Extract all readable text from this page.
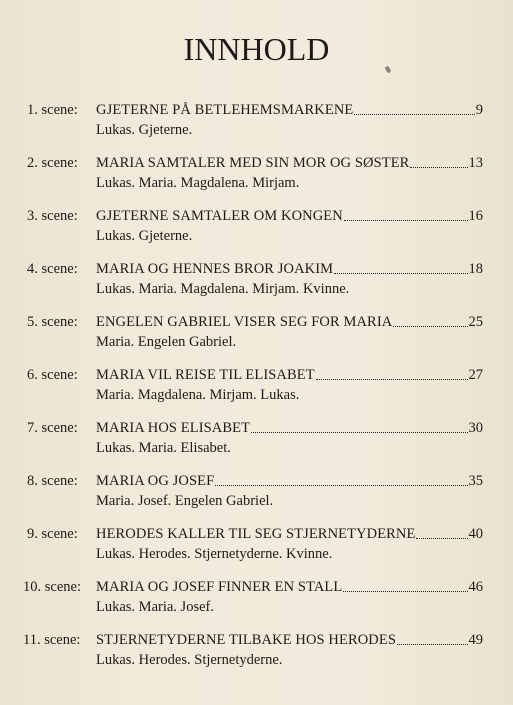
INNHOLD
1. scene: GJETERNE PÅ BETLEHEMSMARKENE	9
Lukas. Gjeterne.
2. scene: MARIA SAMTALER MED SIN MOR OG SØSTER	13
Lukas. Maria. Magdalena. Mirjam.
3. scene: GJETERNE SAMTALER OM KONGEN	16
Lukas. Gjeterne.
4. scene: MARIA OG HENNES BROR JOAKIM	18
Lukas. Maria. Magdalena. Mirjam. Kvinne.
5. scene: ENGELEN GABRIEL VISER SEG FOR MARIA	25
Maria. Engelen Gabriel.
6. scene: MARIA VIL REISE TIL ELISABET	27
Maria. Magdalena. Mirjam. Lukas.
7. scene: MARIA HOS ELISABET	30
Lukas. Maria. Elisabet.
8. scene: MARIA OG JOSEF	35
Maria. Josef. Engelen Gabriel.
9. scene: HERODES KALLER TIL SEG STJERNETYDERNE	40
Lukas. Herodes. Stjernetyderne. Kvinne.
10. scene: MARIA OG JOSEF FINNER EN STALL	46
Lukas. Maria. Josef.
11. scene: STJERNETYDERNE TILBAKE HOS HERODES	49
Lukas. Herodes. Stjernetyderne.
